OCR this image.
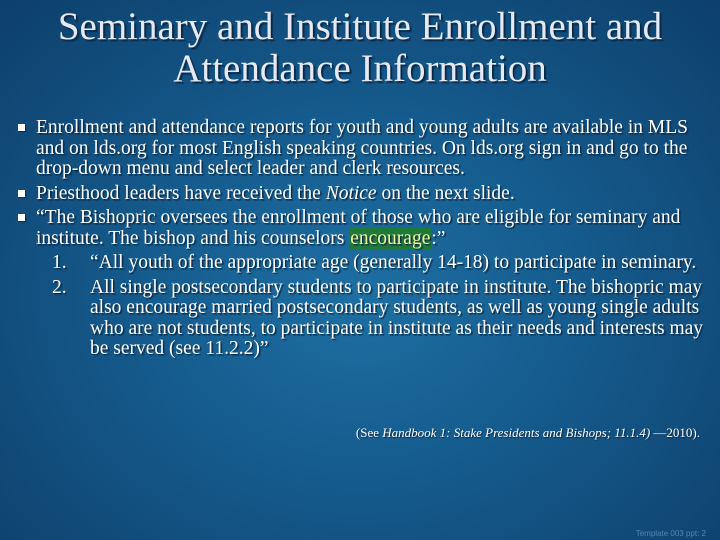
Seminary and Institute Enrollment and
Attendance Information
Enrollment and attendance reports for youth and young adults are available in MLS and on lds.org for most English speaking countries. On lds.org sign in and go to the drop-down menu and select leader and clerk resources.
Priesthood leaders have received the Notice on the next slide.
“The Bishopric oversees the enrollment of those who are eligible for seminary and institute. The bishop and his counselors encourage:”
1. “All youth of the appropriate age (generally 14-18) to participate in seminary.
2. All single postsecondary students to participate in institute. The bishopric may also encourage married postsecondary students, as well as young single adults who are not students, to participate in institute as their needs and interests may be served (see 11.2.2)”
(See Handbook 1: Stake Presidents and Bishops; 11.1.4) —2010).
Template 003 ppt: 2
